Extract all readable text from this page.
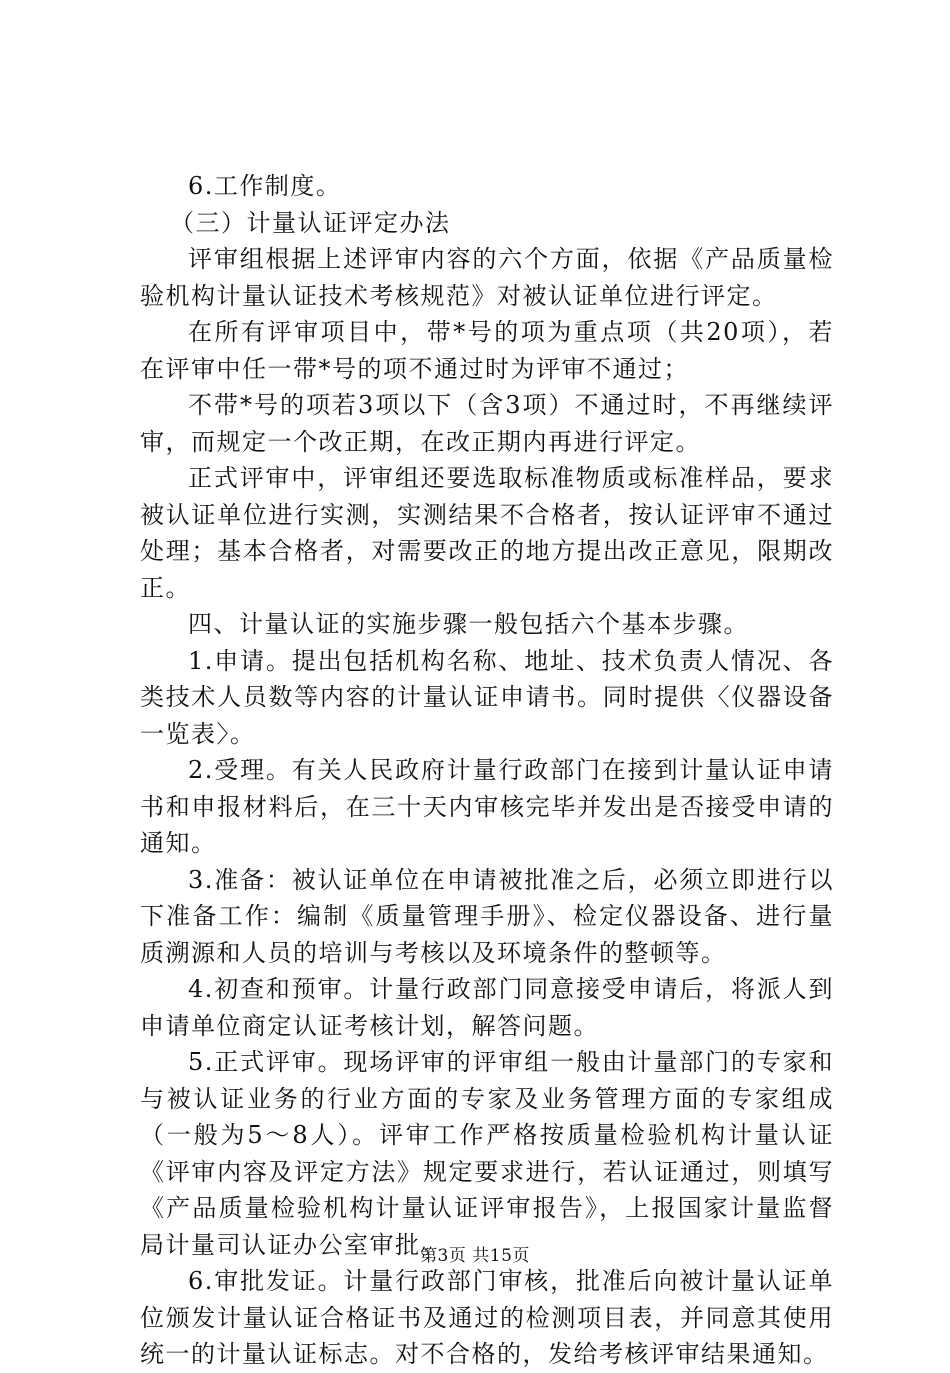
6.工作制度。

（三）计量认证评定办法

评审组根据上述评审内容的六个方面，依据《产品质量检验机构计量认证技术考核规范》对被认证单位进行评定。

在所有评审项目中，带*号的项为重点项（共20项），若在评审中任一带*号的项不通过时为评审不通过；

不带*号的项若3项以下（含3项）不通过时，不再继续评审，而规定一个改正期，在改正期内再进行评定。

正式评审中，评审组还要选取标准物质或标准样品，要求被认证单位进行实测，实测结果不合格者，按认证评审不通过处理；基本合格者，对需要改正的地方提出改正意见，限期改正。

四、计量认证的实施步骤一般包括六个基本步骤。

1.申请。提出包括机构名称、地址、技术负责人情况、各类技术人员数等内容的计量认证申请书。同时提供〈仪器设备一览表〉。

2.受理。有关人民政府计量行政部门在接到计量认证申请书和申报材料后，在三十天内审核完毕并发出是否接受申请的通知。

3.准备：被认证单位在申请被批准之后，必须立即进行以下准备工作：编制《质量管理手册》、检定仪器设备、进行量质溯源和人员的培训与考核以及环境条件的整顿等。

4.初查和预审。计量行政部门同意接受申请后，将派人到申请单位商定认证考核计划，解答问题。

5.正式评审。现场评审的评审组一般由计量部门的专家和与被认证业务的行业方面的专家及业务管理方面的专家组成（一般为5～8人）。评审工作严格按质量检验机构计量认证《评审内容及评定方法》规定要求进行，若认证通过，则填写《产品质量检验机构计量认证评审报告》，上报国家计量监督局计量司认证办公室审批。

6.审批发证。计量行政部门审核，批准后向被计量认证单位颁发计量认证合格证书及通过的检测项目表，并同意其使用统一的计量认证标志。对不合格的，发给考核评审结果通知。

第3页 共15页
